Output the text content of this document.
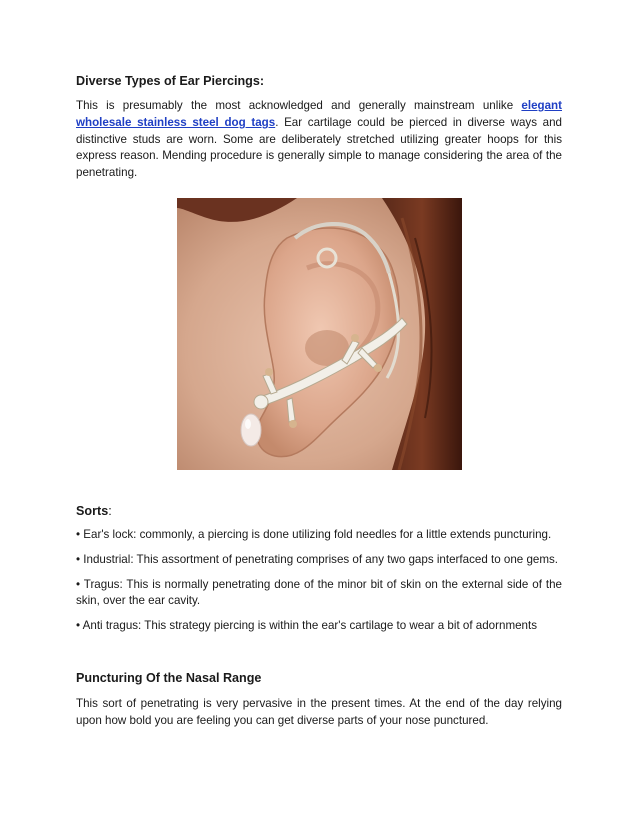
Diverse Types of Ear Piercings:

This is presumably the most acknowledged and generally mainstream unlike elegant wholesale stainless steel dog tags. Ear cartilage could be pierced in diverse ways and distinctive studs are worn. Some are deliberately stretched utilizing greater hoops for this express reason. Mending procedure is generally simple to manage considering the area of the penetrating.

Sorts:

• Ear's lock: commonly, a piercing is done utilizing fold needles for a little extends puncturing.

• Industrial: This assortment of penetrating comprises of any two gaps interfaced to one gems.

• Tragus: This is normally penetrating done of the minor bit of skin on the external side of the skin, over the ear cavity.

• Anti tragus: This strategy piercing is within the ear's cartilage to wear a bit of adornments

Puncturing Of the Nasal Range

This sort of penetrating is very pervasive in the present times. At the end of the day relying upon how bold you are feeling you can get diverse parts of your nose punctured.
